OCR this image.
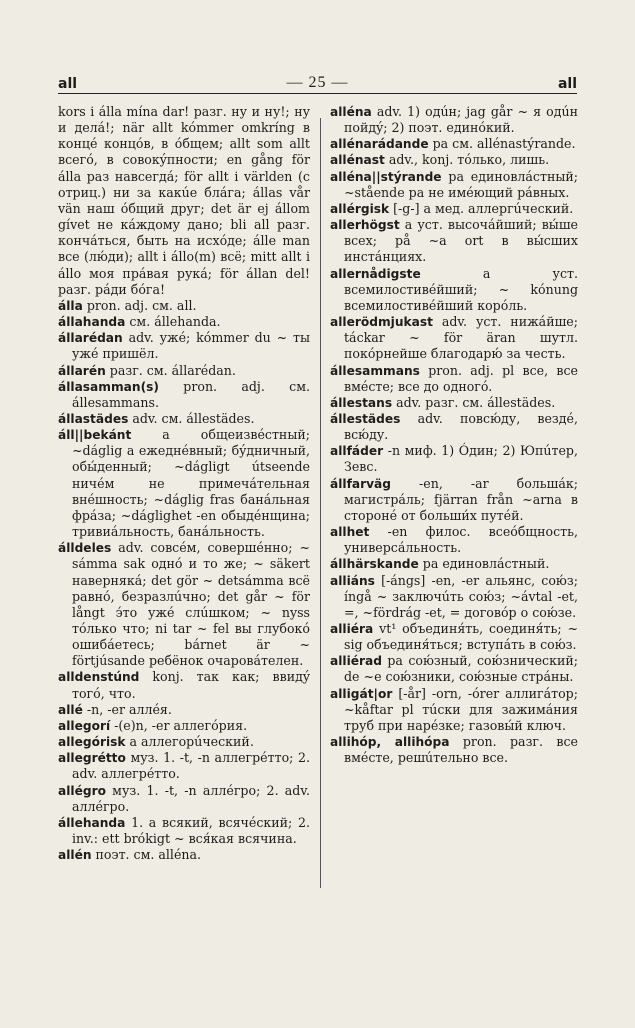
all	— 25 —	all

kors i álla mína dar! разг. ну и ну!; ну и делá!; när allt kómmer omkríng в концé концóв, в óбщем; allt som allt всегó, в совокýпности; en gång för álla раз навсегдá; för allt i världen (с отриц.) ни за какúе блáга; állas vår vän наш óбщий друг; det är ej állom gívet не кáждому дано; bli all разг. кончáться, быть на исхóде; álle man все (лю́ди); allt i állo(m) всё; mitt allt i állo моя прáвая рукá; för állan del! разг. рáди бóга!

álla pron. adj. см. all.

állahanda см. állehanda.

állarédan adv. ужé; kómmer du ~ ты ужé пришёл.

állarén разг. см. állarédan.

állasamman(s) pron. adj. см. állesammans.

állastädes adv. см. állestädes.

áll||bekánt a общеизвéстный; ~dáglig a ежеднéвный; бýдничный, обы́денный; ~dágligt útseende ничéм не примечáтельная внéшность; ~dáglig fras банáльная фрáза; ~dáglighet -en обыдéнщина; тривиáльность, банáльность.

álldeles adv. совсéм, совершéнно; ~ sámma sak однó и то же; ~ säkert навернякá; det gör ~ detsámma всё равнó, безразлúчно; det går ~ för långt э́то ужé слúшком; ~ nyss тóлько что; ni tar ~ fel вы глубокó ошибáетесь; bárnet är ~ förtjúsande ребёнок очаровáтелен.

alldenstúnd konj. так как; ввидý тогó, что.

allé -n, -er аллéя.

allegorí -(e)n, -er аллегóрия.

allegórisk a аллегорúческий.

allegrétto муз. 1. -t, -n аллегрéтто; 2. adv. аллегрéтто.

allégro муз. 1. -t, -n аллéгро; 2. adv. аллéгро.

állehanda 1. a всякий, всячéский; 2. inv.: ett brókigt ~ вся́кая всячина.

allén поэт. см. alléna.

alléna adv. 1) одúн; jag går ~ я одúн пойдý; 2) поэт. единóкий.

allénarádande pa см. allénastýrande.

allénast adv., konj. тóлько, лишь.

alléna||stýrande pa единовлáстный; ~stående pa не имéющий рáвных.

allérgisk [-g-] a мед. аллергúческий.

allerhögst a уст. высочáйший; вы́ше всех; på ~a ort в вы́сших инстáнциях.

allernådigste a уст. всемилостивéйший; ~ kónung всемилостивéйший корóль.

allerödmjukast adv. уст. нижáйше; táckar ~ för äran шутл. покóрнейше благодарю́ за честь.

állesammans pron. adj. pl все, все вмéсте; все до одногó.

állestans adv. разг. см. állestädes.

állestädes adv. повсю́ду, вездé, всю́ду.

allfáder -n миф. 1) Óдин; 2) Юпúтер, Зевс.

állfarväg -en, -ar большáк; магистрáль; fjärran från ~arna в сторонé от больши́х путéй.

allhet -en филос. всеóбщность, универсáльность.

állhärskande pa единовлáстный.

alliáns [-ángs] -en, -er альянс, сою́з; íngå ~ заключúть сою́з; ~ávtal -et, =, ~fördrág -et, = договóр о сою́зе.

alliéra vt¹ объединя́ть, соединя́ть; ~ sig объединя́ться; вступáть в сою́з.

alliérad pa сою́зный, сою́знический; de ~e сою́зники, сою́зные стрáны.

alligát|or [-år] -orn, -órer аллигáтор; ~kåftar pl тúски для зажимáния труб при нарéзке; газовы́й ключ.

allihóp, allihópa pron. разг. все вмéсте, решúтельно все.
